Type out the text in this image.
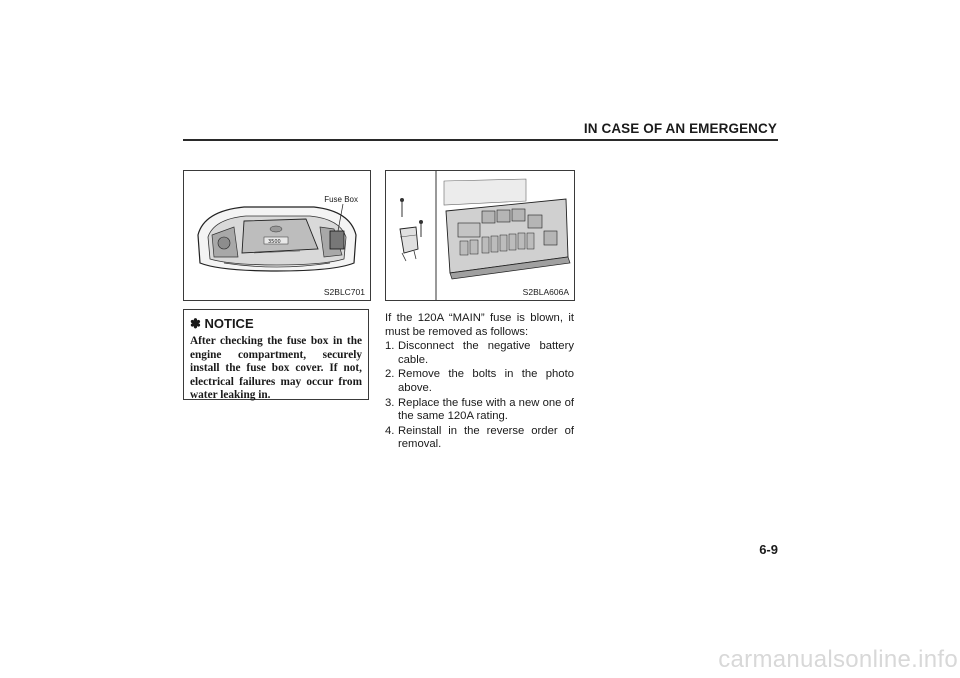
IN CASE OF AN EMERGENCY
3500
Fuse Box
S2BLC701	S2BLA606A
✽ NOTICE
After checking the fuse box in the engine compartment, securely install the fuse box cover. If not, electrical failures may occur from water leaking in.

If the 120A “MAIN” fuse is blown, it must be removed as follows:

1. Disconnect the negative battery cable.
2. Remove the bolts in the photo above.
3. Replace the fuse with a new one of the same 120A rating.
4. Reinstall in the reverse order of removal.
6-9
carmanualsonline.info
